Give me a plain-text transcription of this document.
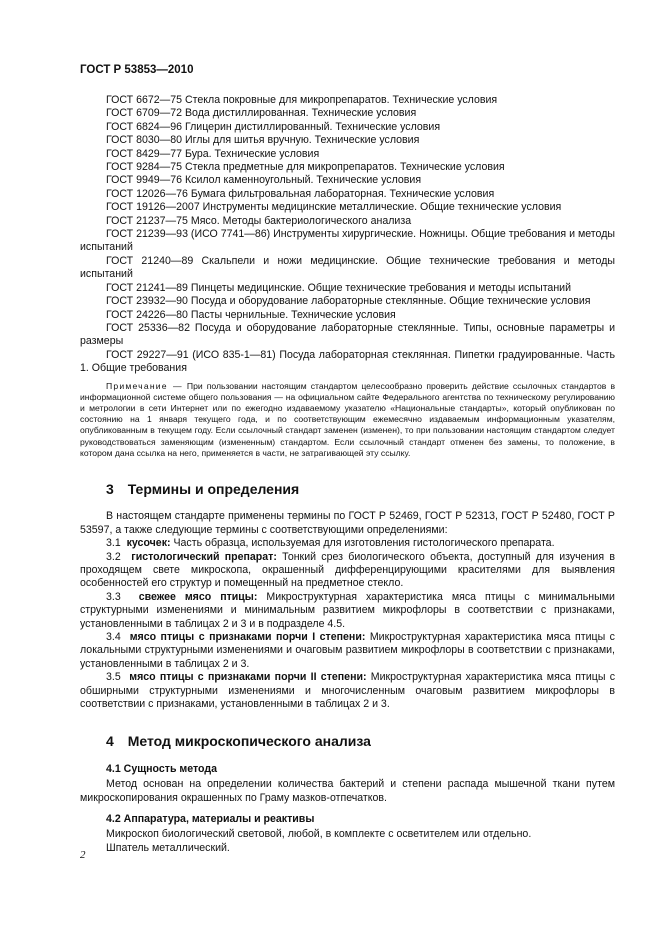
ГОСТ Р 53853—2010
ГОСТ 6672—75 Стекла покровные для микропрепаратов. Технические условия
ГОСТ 6709—72 Вода дистиллированная. Технические условия
ГОСТ 6824—96 Глицерин дистиллированный. Технические условия
ГОСТ 8030—80 Иглы для шитья вручную. Технические условия
ГОСТ 8429—77 Бура. Технические условия
ГОСТ 9284—75 Стекла предметные для микропрепаратов. Технические условия
ГОСТ 9949—76 Ксилол каменноугольный. Технические условия
ГОСТ 12026—76 Бумага фильтровальная лабораторная. Технические условия
ГОСТ 19126—2007 Инструменты медицинские металлические. Общие технические условия
ГОСТ 21237—75 Мясо. Методы бактериологического анализа
ГОСТ 21239—93 (ИСО 7741—86) Инструменты хирургические. Ножницы. Общие требования и методы испытаний
ГОСТ 21240—89 Скальпели и ножи медицинские. Общие технические требования и методы испытаний
ГОСТ 21241—89 Пинцеты медицинские. Общие технические требования и методы испытаний
ГОСТ 23932—90 Посуда и оборудование лабораторные стеклянные. Общие технические условия
ГОСТ 24226—80 Пасты чернильные. Технические условия
ГОСТ 25336—82 Посуда и оборудование лабораторные стеклянные. Типы, основные параметры и размеры
ГОСТ 29227—91 (ИСО 835-1—81) Посуда лабораторная стеклянная. Пипетки градуированные. Часть 1. Общие требования
Примечание — При пользовании настоящим стандартом целесообразно проверить действие ссылочных стандартов в информационной системе общего пользования — на официальном сайте Федерального агентства по техническому регулированию и метрологии в сети Интернет или по ежегодно издаваемому указателю «Национальные стандарты», который опубликован по состоянию на 1 января текущего года, и по соответствующим ежемесячно издаваемым информационным указателям, опубликованным в текущем году. Если ссылочный стандарт заменен (изменен), то при пользовании настоящим стандартом следует руководствоваться заменяющим (измененным) стандартом. Если ссылочный стандарт отменен без замены, то положение, в котором дана ссылка на него, применяется в части, не затрагивающей эту ссылку.
3 Термины и определения
В настоящем стандарте применены термины по ГОСТ Р 52469, ГОСТ Р 52313, ГОСТ Р 52480, ГОСТ Р 53597, а также следующие термины с соответствующими определениями:
3.1 кусочек: Часть образца, используемая для изготовления гистологического препарата.
3.2 гистологический препарат: Тонкий срез биологического объекта, доступный для изучения в проходящем свете микроскопа, окрашенный дифференцирующими красителями для выявления особенностей его структур и помещенный на предметное стекло.
3.3 свежее мясо птицы: Микроструктурная характеристика мяса птицы с минимальными структурными изменениями и минимальным развитием микрофлоры в соответствии с признаками, установленными в таблицах 2 и 3 и в подразделе 4.5.
3.4 мясо птицы с признаками порчи I степени: Микроструктурная характеристика мяса птицы с локальными структурными изменениями и очаговым развитием микрофлоры в соответствии с признаками, установленными в таблицах 2 и 3.
3.5 мясо птицы с признаками порчи II степени: Микроструктурная характеристика мяса птицы с обширными структурными изменениями и многочисленным очаговым развитием микрофлоры в соответствии с признаками, установленными в таблицах 2 и 3.
4 Метод микроскопического анализа
4.1 Сущность метода
Метод основан на определении количества бактерий и степени распада мышечной ткани путем микроскопирования окрашенных по Граму мазков-отпечатков.
4.2 Аппаратура, материалы и реактивы
Микроскоп биологический световой, любой, в комплекте с осветителем или отдельно.
Шпатель металлический.
2
